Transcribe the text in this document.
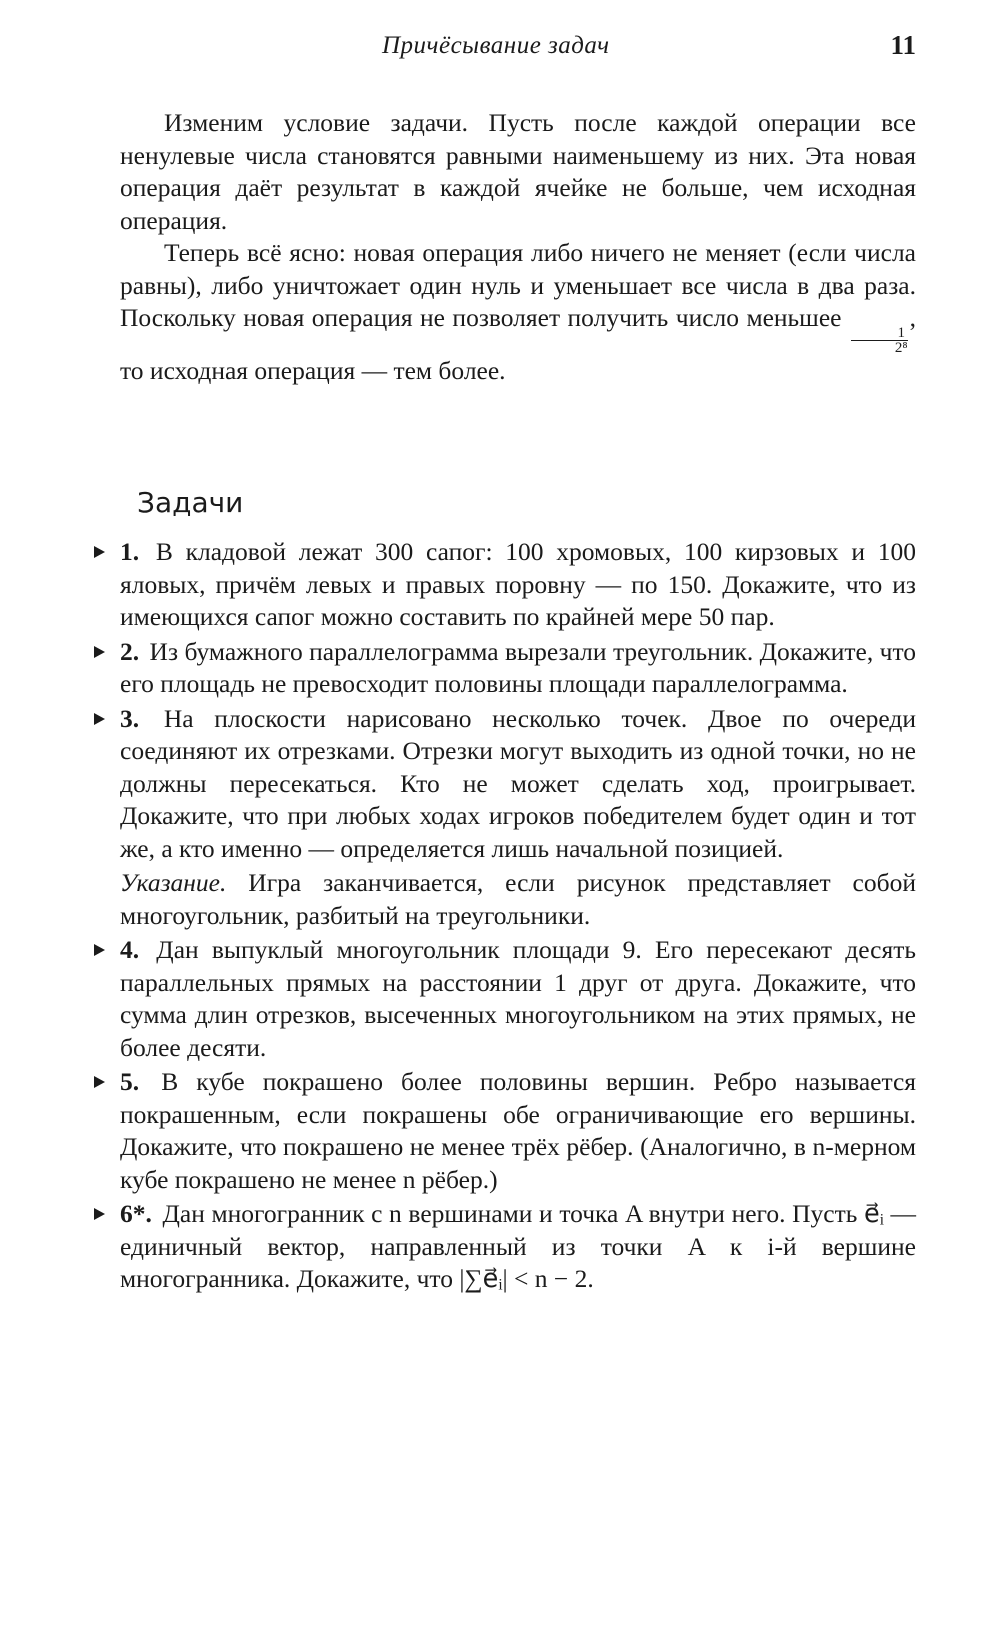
Причёсывание задач	11

Изменим условие задачи. Пусть после каждой операции все ненулевые числа становятся равными наименьшему из них. Эта новая операция даёт результат в каждой ячейке не больше, чем исходная операция.

Теперь всё ясно: новая операция либо ничего не меняет (если числа равны), либо уничтожает один нуль и уменьшает все числа в два раза. Поскольку новая операция не позволяет получить число меньшее
$\frac{1}{\text{2⁸}}$
, то исходная операция — тем более.

Задачи
1. В кладовой лежат 300 сапог: 100 хромовых, 100 кирзовых и 100 яловых, причём левых и правых поровну — по 150. Докажите, что из имеющихся сапог можно составить по крайней мере 50 пар.
2. Из бумажного параллелограмма вырезали треугольник. Докажите, что его площадь не превосходит половины площади параллелограмма.
3. На плоскости нарисовано несколько точек. Двое по очереди соединяют их отрезками. Отрезки могут выходить из одной точки, но не должны пересекаться. Кто не может сделать ход, проигрывает. Докажите, что при любых ходах игроков победителем будет один и тот же, а кто именно — определяется лишь начальной позицией.
Указание. Игра заканчивается, если рисунок представляет собой многоугольник, разбитый на треугольники.
4. Дан выпуклый многоугольник площади 9. Его пересекают десять параллельных прямых на расстоянии 1 друг от друга. Докажите, что сумма длин отрезков, высеченных многоугольником на этих прямых, не более десяти.
5. В кубе покрашено более половины вершин. Ребро называется покрашенным, если покрашены обе ограничивающие его вершины. Докажите, что покрашено не менее трёх рёбер. (Аналогично, в n-мерном кубе покрашено не менее n рёбер.)
6*. Дан многогранник с n вершинами и точка A внутри него. Пусть e⃗ᵢ — единичный вектор, направленный из точки A к i-й вершине многогранника. Докажите, что |∑e⃗ᵢ| < n − 2.
